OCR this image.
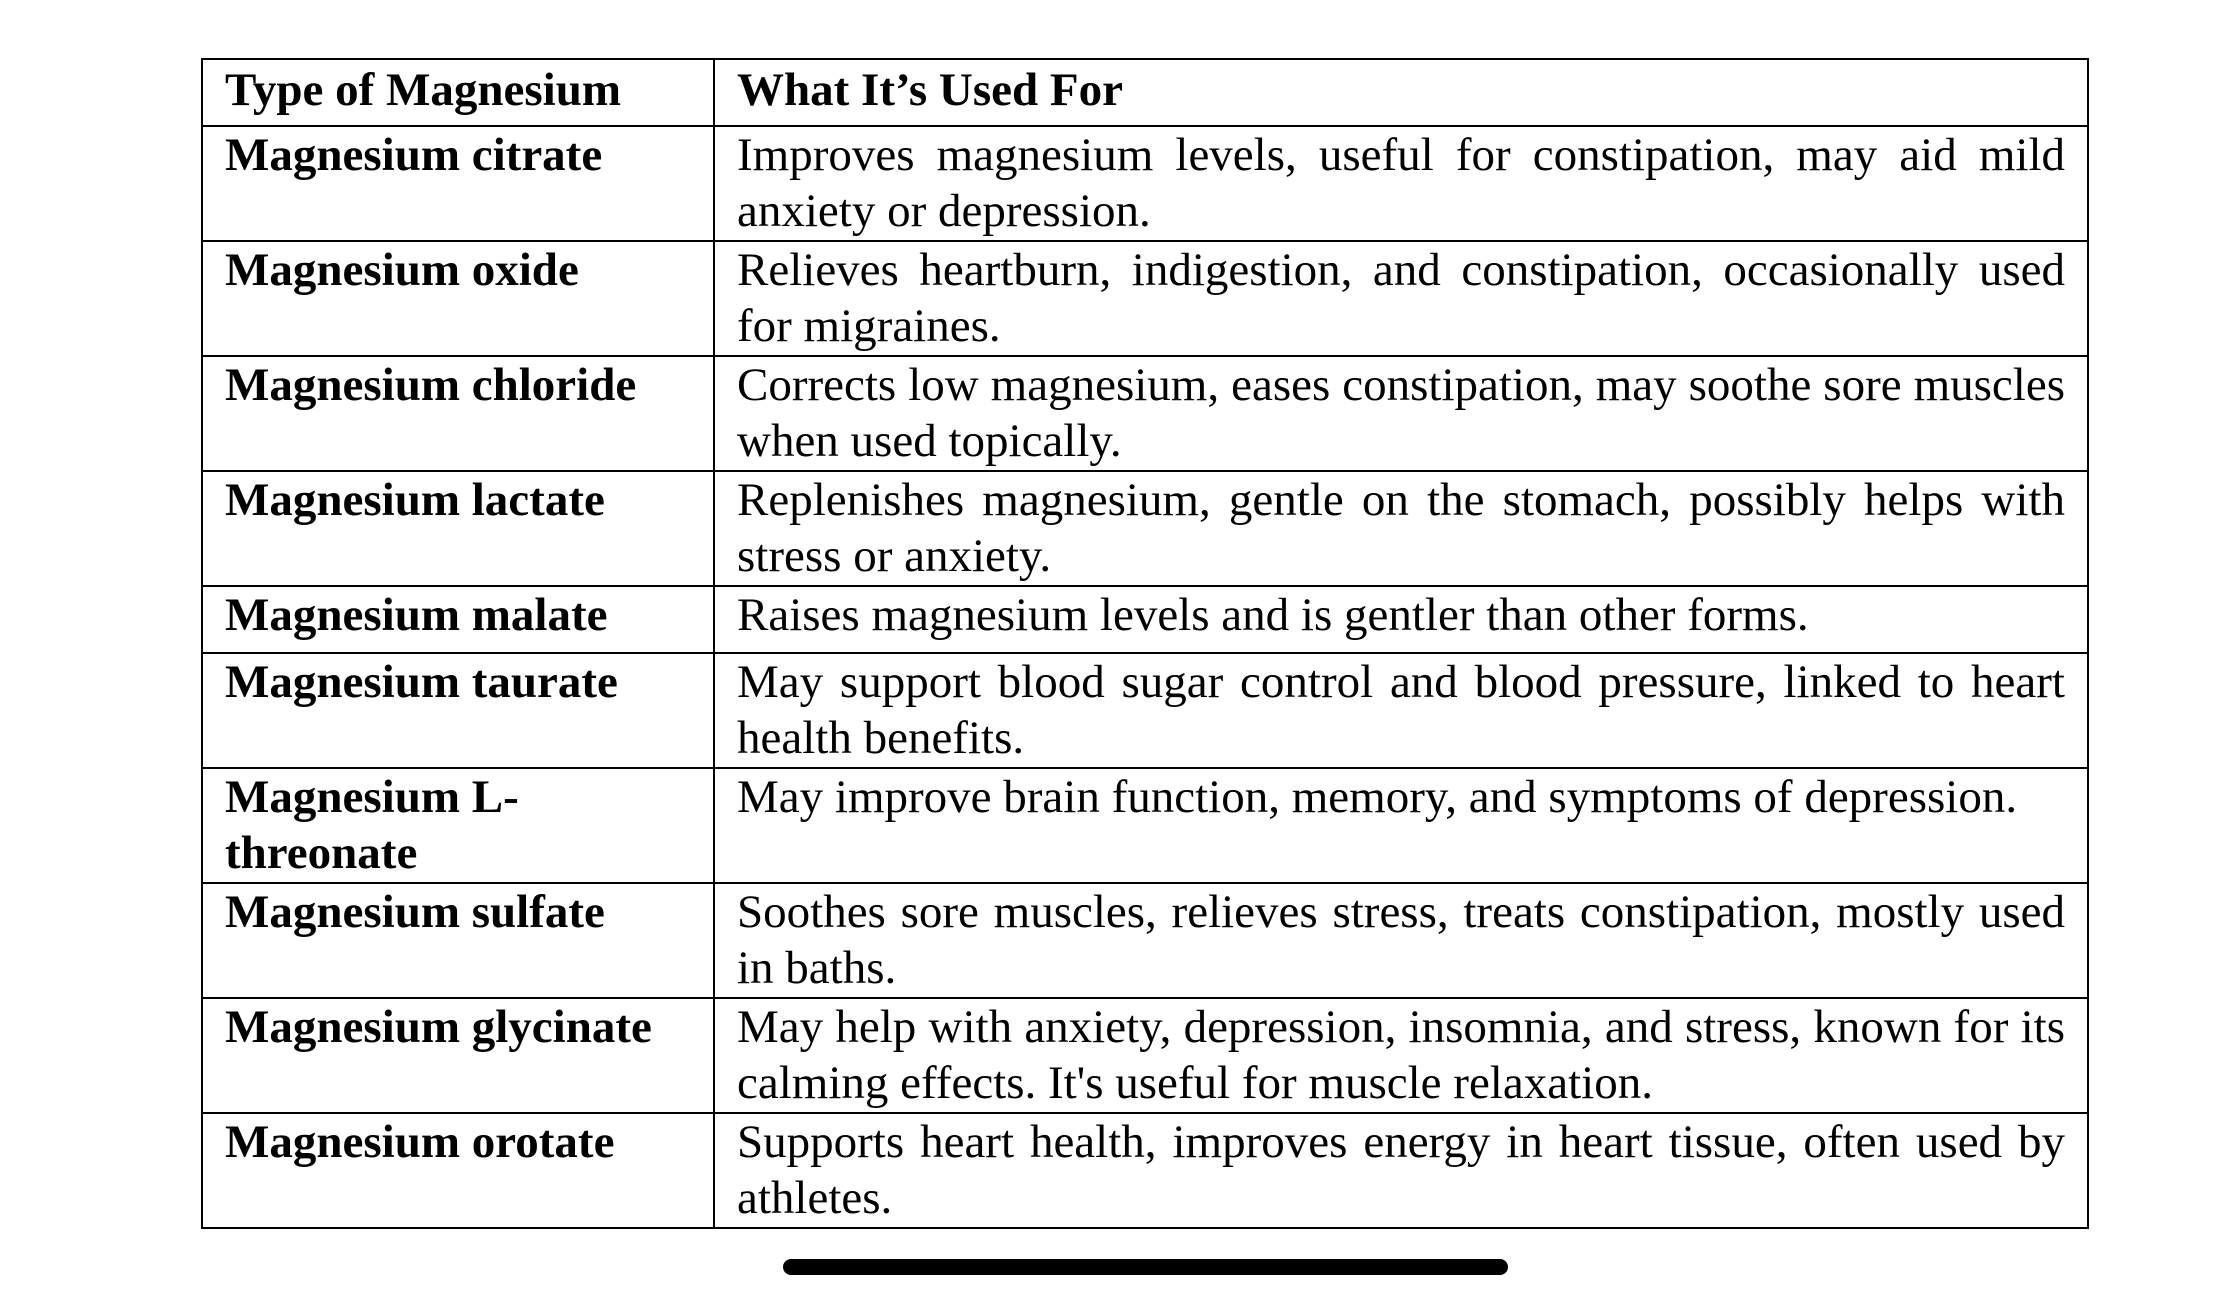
Type of Magnesium	What It’s Used For
Magnesium citrate	Improves magnesium levels, useful for constipation, may aid mild anxiety or depression.
Magnesium oxide	Relieves heartburn, indigestion, and constipation, occasionally used for migraines.
Magnesium chloride	Corrects low magnesium, eases constipation, may soothe sore muscles when used topically.
Magnesium lactate	Replenishes magnesium, gentle on the stomach, possibly helps with stress or anxiety.
Magnesium malate	Raises magnesium levels and is gentler than other forms.
Magnesium taurate	May support blood sugar control and blood pressure, linked to heart health benefits.
Magnesium L-threonate	May improve brain function, memory, and symptoms of depression.
Magnesium sulfate	Soothes sore muscles, relieves stress, treats constipation, mostly used in baths.
Magnesium glycinate	May help with anxiety, depression, insomnia, and stress, known for its calming effects. It's useful for muscle relaxation.
Magnesium orotate	Supports heart health, improves energy in heart tissue, often used by athletes.
